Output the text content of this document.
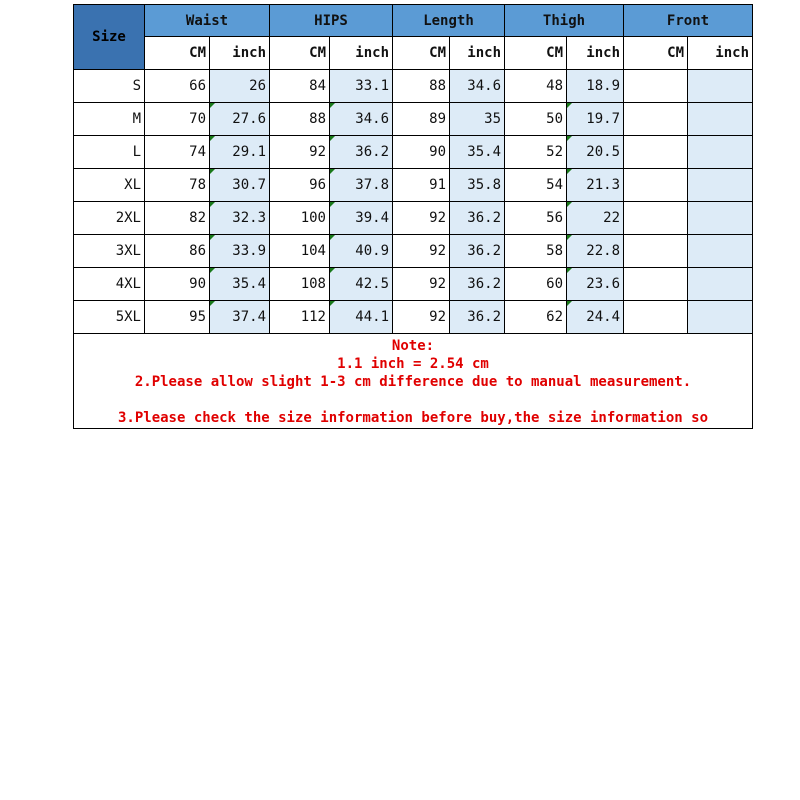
Size	Waist		HIPS		Length		Thigh		Front	
	CM	inch	CM	inch	CM	inch	CM	inch	CM	inch
S	66	26	84	33.1	88	34.6	48	18.9		
M	70	27.6	88	34.6	89	35	50	19.7		
L	74	29.1	92	36.2	90	35.4	52	20.5		
XL	78	30.7	96	37.8	91	35.8	54	21.3		
2XL	82	32.3	100	39.4	92	36.2	56	22		
3XL	86	33.9	104	40.9	92	36.2	58	22.8		
4XL	90	35.4	108	42.5	92	36.2	60	23.6		
5XL	95	37.4	112	44.1	92	36.2	62	24.4		

Note:
1.1 inch = 2.54 cm
2.Please allow slight 1-3 cm difference due to manual measurement.
3.Please check the size information before buy,the size information so										
